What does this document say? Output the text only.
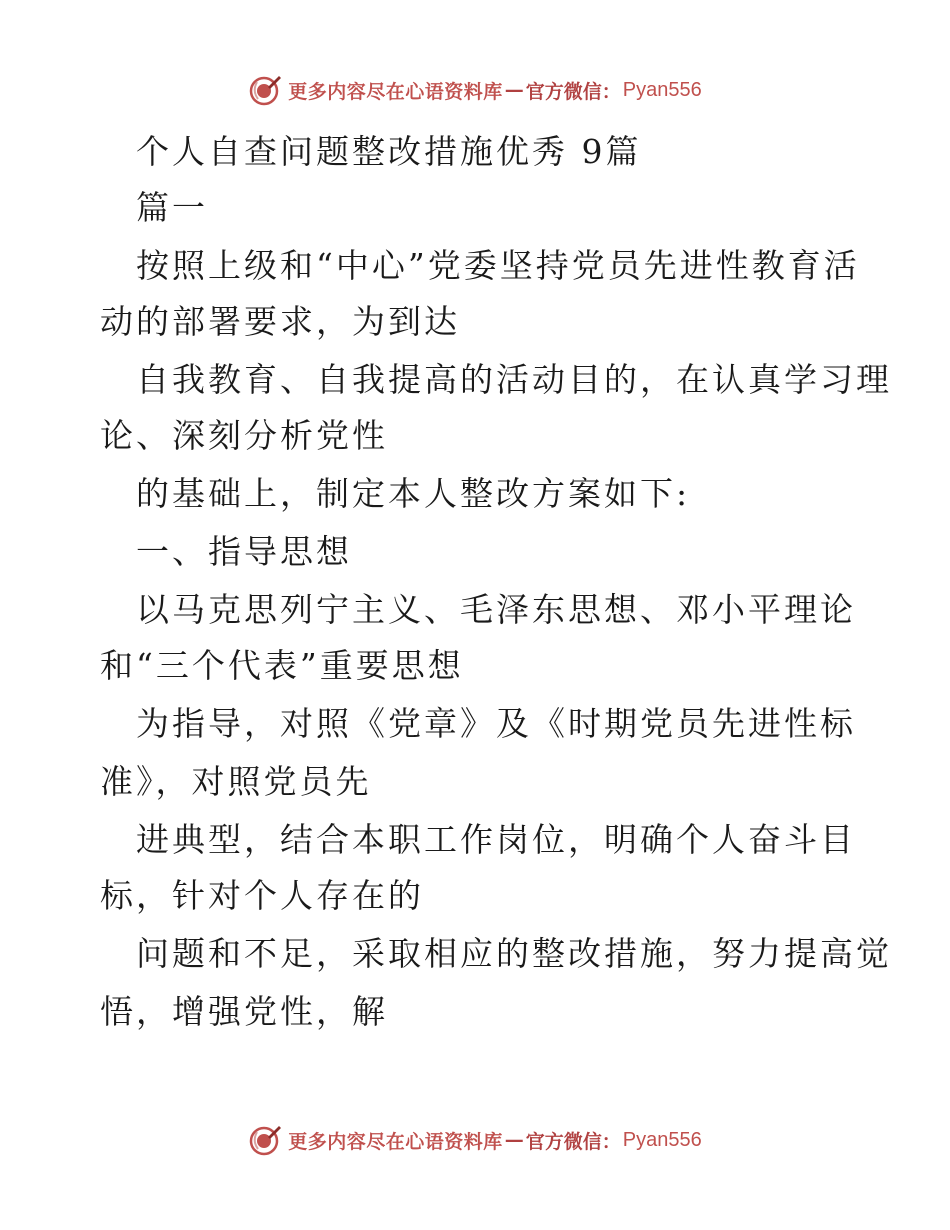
更多内容尽在心语资料库 — 官方微信： Pyan556
个人自查问题整改措施优秀 9篇
篇一
按照上级和“中心”党委坚持党员先进性教育活
动的部署要求，为到达
自我教育、自我提高的活动目的，在认真学习理
论、深刻分析党性
的基础上，制定本人整改方案如下:
一、指导思想
以马克思列宁主义、毛泽东思想、邓小平理论
和“三个代表”重要思想
为指导，对照《党章》及《时期党员先进性标
准》，对照党员先
进典型，结合本职工作岗位，明确个人奋斗目
标，针对个人存在的
问题和不足，采取相应的整改措施，努力提高觉
悟，增强党性，解
更多内容尽在心语资料库 — 官方微信： Pyan556
